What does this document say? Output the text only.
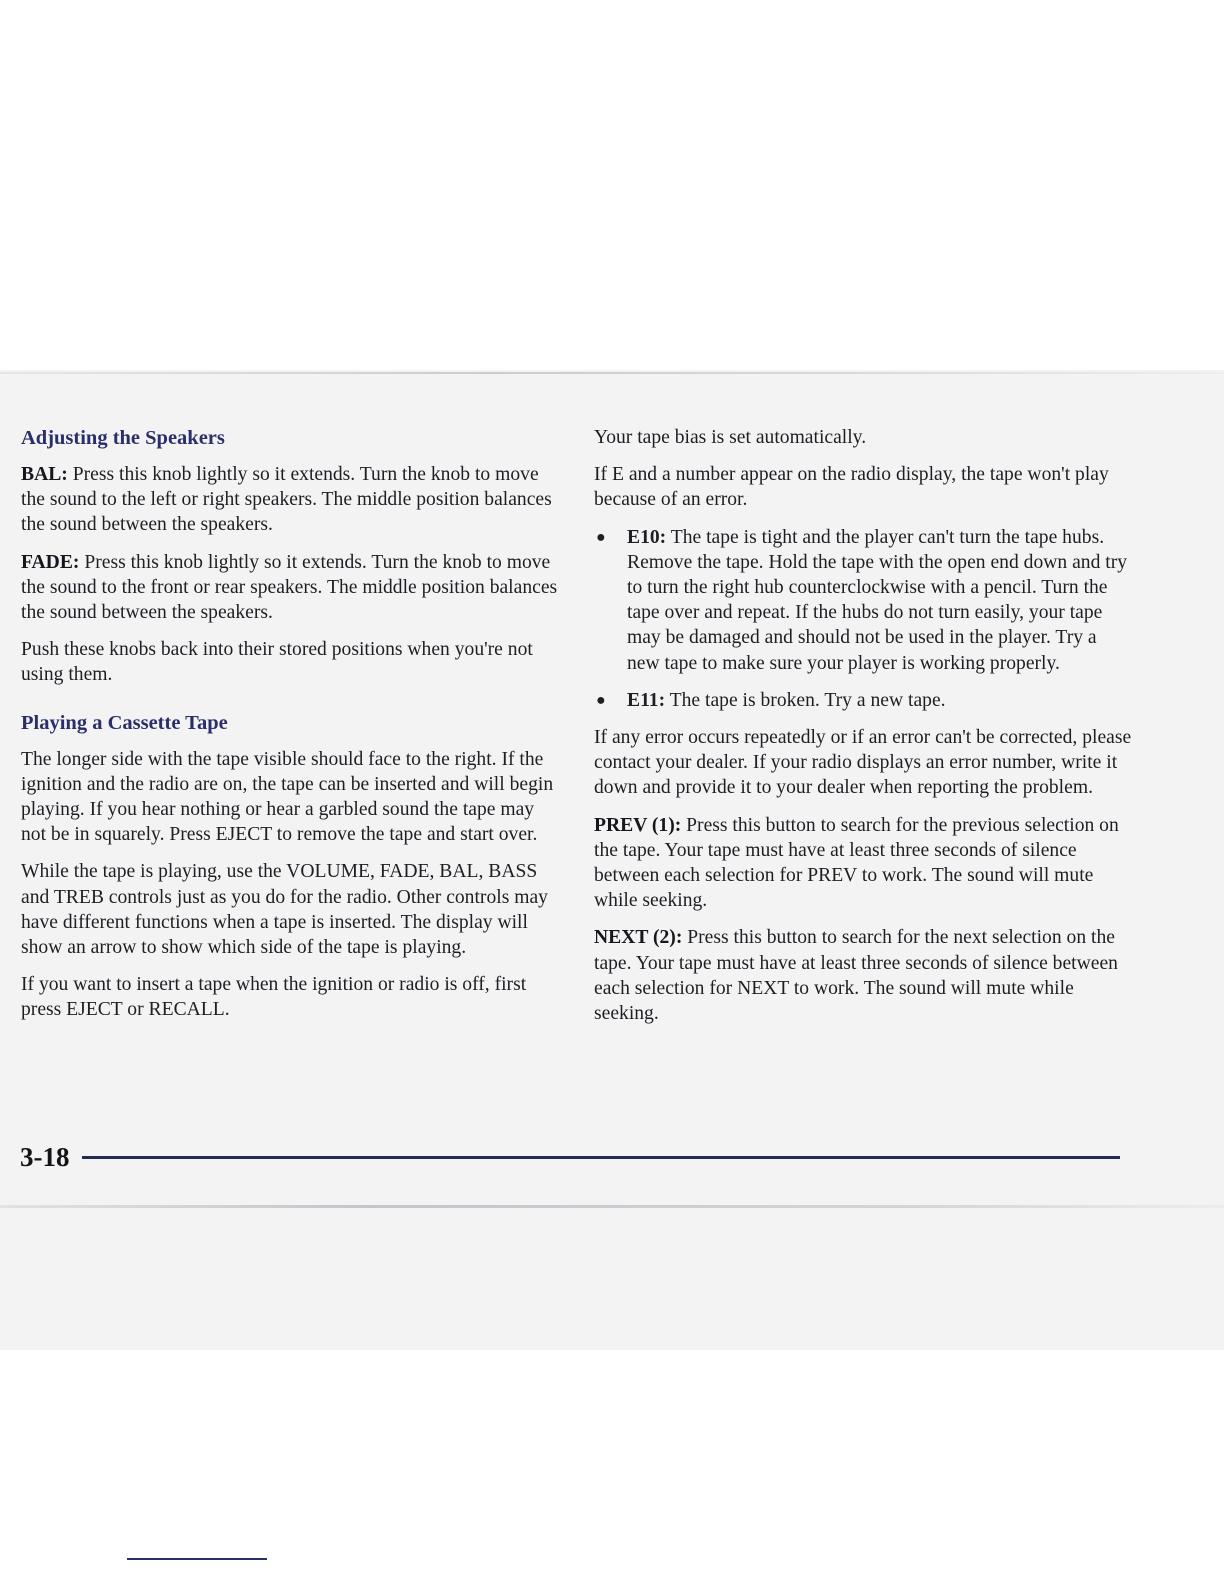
Adjusting the Speakers

BAL: Press this knob lightly so it extends. Turn the knob to move the sound to the left or right speakers. The middle position balances the sound between the speakers.

FADE: Press this knob lightly so it extends. Turn the knob to move the sound to the front or rear speakers. The middle position balances the sound between the speakers.

Push these knobs back into their stored positions when you're not using them.

Playing a Cassette Tape

The longer side with the tape visible should face to the right. If the ignition and the radio are on, the tape can be inserted and will begin playing. If you hear nothing or hear a garbled sound the tape may not be in squarely. Press EJECT to remove the tape and start over.

While the tape is playing, use the VOLUME, FADE, BAL, BASS and TREB controls just as you do for the radio. Other controls may have different functions when a tape is inserted. The display will show an arrow to show which side of the tape is playing.

If you want to insert a tape when the ignition or radio is off, first press EJECT or RECALL.

Your tape bias is set automatically.

If E and a number appear on the radio display, the tape won't play because of an error.

● E10: The tape is tight and the player can't turn the tape hubs. Remove the tape. Hold the tape with the open end down and try to turn the right hub counterclockwise with a pencil. Turn the tape over and repeat. If the hubs do not turn easily, your tape may be damaged and should not be used in the player. Try a new tape to make sure your player is working properly.
● E11: The tape is broken. Try a new tape.

If any error occurs repeatedly or if an error can't be corrected, please contact your dealer. If your radio displays an error number, write it down and provide it to your dealer when reporting the problem.

PREV (1): Press this button to search for the previous selection on the tape. Your tape must have at least three seconds of silence between each selection for PREV to work. The sound will mute while seeking.

NEXT (2): Press this button to search for the next selection on the tape. Your tape must have at least three seconds of silence between each selection for NEXT to work. The sound will mute while seeking.

3-18
